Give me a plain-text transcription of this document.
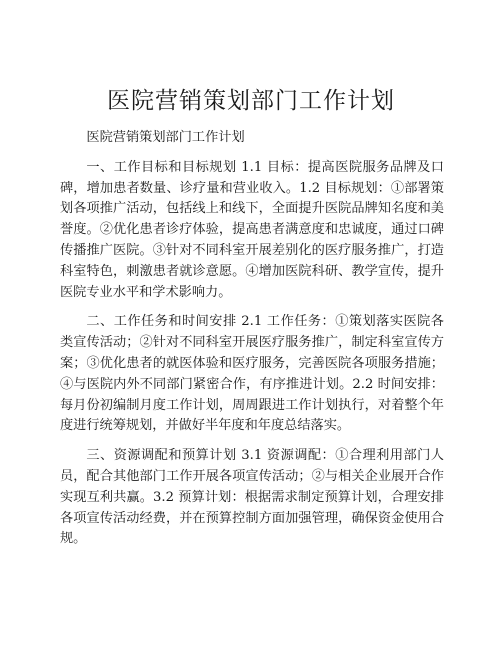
医院营销策划部门工作计划

医院营销策划部门工作计划

一、工作目标和目标规划 1.1 目标：提高医院服务品牌及口碑，增加患者数量、诊疗量和营业收入。1.2 目标规划：①部署策划各项推广活动，包括线上和线下，全面提升医院品牌知名度和美誉度。②优化患者诊疗体验，提高患者满意度和忠诚度，通过口碑传播推广医院。③针对不同科室开展差别化的医疗服务推广，打造科室特色，刺激患者就诊意愿。④增加医院科研、教学宣传，提升医院专业水平和学术影响力。

二、工作任务和时间安排 2.1 工作任务：①策划落实医院各类宣传活动；②针对不同科室开展医疗服务推广，制定科室宣传方案；③优化患者的就医体验和医疗服务，完善医院各项服务措施；④与医院内外不同部门紧密合作，有序推进计划。2.2 时间安排：每月份初编制月度工作计划，周周跟进工作计划执行，对着整个年度进行统筹规划，并做好半年度和年度总结落实。

三、资源调配和预算计划 3.1 资源调配：①合理利用部门人员，配合其他部门工作开展各项宣传活动；②与相关企业展开合作实现互利共赢。3.2 预算计划：根据需求制定预算计划，合理安排各项宣传活动经费，并在预算控制方面加强管理，确保资金使用合规。
